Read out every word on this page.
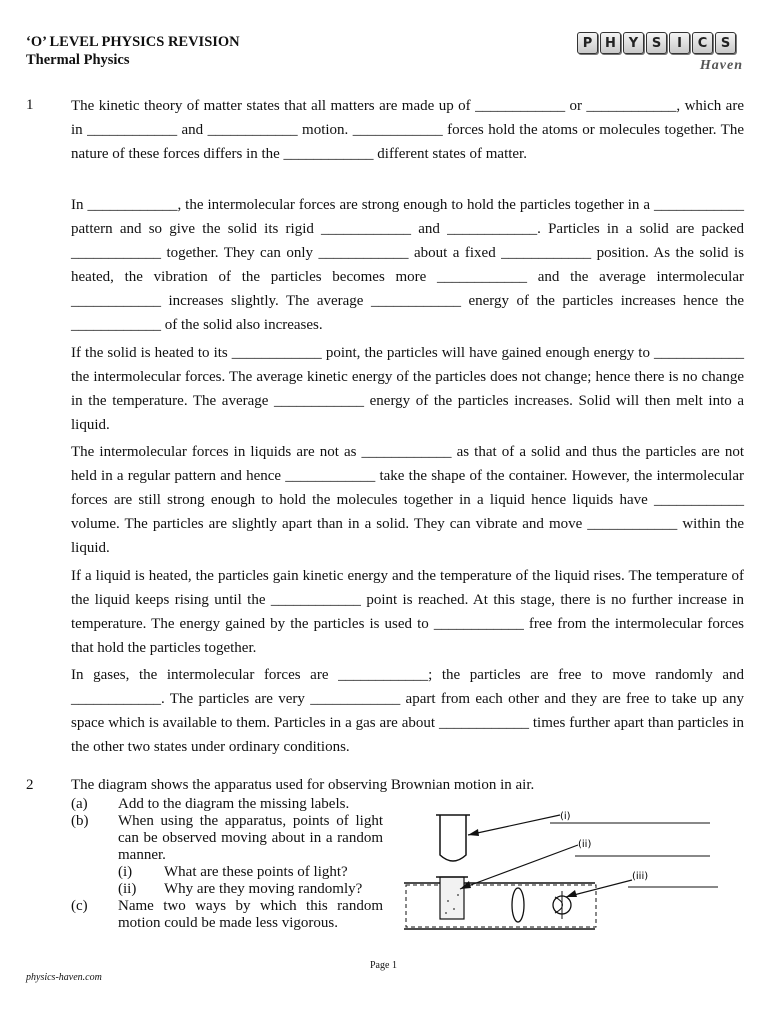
‘O’ LEVEL PHYSICS REVISION
Thermal Physics
P H Y	S	I	C	S
Haven
1	The kinetic theory of matter states that all matters are made up of ____________ or ____________, which are in ____________ and ____________ motion. ____________ forces hold the atoms or molecules together. The nature of these forces differs in the ____________ different states of matter.
In ____________, the intermolecular forces are strong enough to hold the particles together in a ____________ pattern and so give the solid its rigid ____________ and ____________. Particles in a solid are packed ____________ together. They can only ____________ about a fixed ____________ position. As the solid is heated, the vibration of the particles becomes more ____________ and the average intermolecular ____________ increases slightly. The average ____________ energy of the particles increases hence the ____________ of the solid also increases.
If the solid is heated to its ____________ point, the particles will have gained enough energy to ____________ the intermolecular forces. The average kinetic energy of the particles does not change; hence there is no change in the temperature. The average ____________ energy of the particles increases. Solid will then melt into a liquid.
The intermolecular forces in liquids are not as ____________ as that of a solid and thus the particles are not held in a regular pattern and hence ____________ take the shape of the container. However, the intermolecular forces are still strong enough to hold the molecules together in a liquid hence liquids have ____________ volume. The particles are slightly apart than in a solid. They can vibrate and move ____________ within the liquid.
If a liquid is heated, the particles gain kinetic energy and the temperature of the liquid rises. The temperature of the liquid keeps rising until the ____________ point is reached. At this stage, there is no further increase in temperature. The energy gained by the particles is used to ____________ free from the intermolecular forces that hold the particles together.
In gases, the intermolecular forces are ____________; the particles are free to move randomly and ____________. The particles are very ____________ apart from each other and they are free to take up any space which is available to them. Particles in a gas are about ____________ times further apart than particles in the other two states under ordinary conditions.
2	The diagram shows the apparatus used for observing Brownian motion in air.
(a)	Add to the diagram the missing labels.
(b)	When using the apparatus, points of light can be observed moving about in a random manner.
(i)	What are these points of light?
(ii)	Why are they moving randomly?
(c)	Name two ways by which this random motion could be made less vigorous.
(i)
(ii)
(iii)
Page 1
physics-haven.com
